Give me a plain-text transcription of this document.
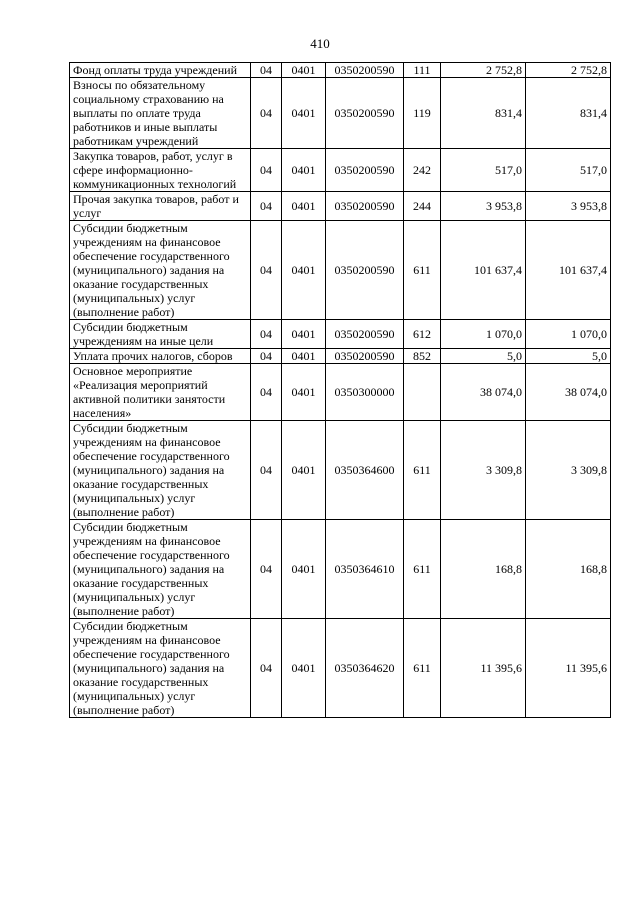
410
Фонд оплаты труда учреждений	04	0401	0350200590	111	2 752,8	2 752,8
Взносы по обязательному социальному страхованию на выплаты по оплате труда работников и иные выплаты работникам учреждений	04	0401	0350200590	119	831,4	831,4
Закупка товаров, работ, услуг в сфере информационно-коммуникационных технологий	04	0401	0350200590	242	517,0	517,0
Прочая закупка товаров, работ и услуг	04	0401	0350200590	244	3 953,8	3 953,8
Субсидии бюджетным учреждениям на финансовое обеспечение государственного (муниципального) задания на оказание государственных (муниципальных) услуг (выполнение работ)	04	0401	0350200590	611	101 637,4	101 637,4
Субсидии бюджетным учреждениям на иные цели	04	0401	0350200590	612	1 070,0	1 070,0
Уплата прочих налогов, сборов	04	0401	0350200590	852	5,0	5,0
Основное мероприятие «Реализация мероприятий активной политики занятости населения»	04	0401	0350300000		38 074,0	38 074,0
Субсидии бюджетным учреждениям на финансовое обеспечение государственного (муниципального) задания на оказание государственных (муниципальных) услуг (выполнение работ)	04	0401	0350364600	611	3 309,8	3 309,8
Субсидии бюджетным учреждениям на финансовое обеспечение государственного (муниципального) задания на оказание государственных (муниципальных) услуг (выполнение работ)	04	0401	0350364610	611	168,8	168,8
Субсидии бюджетным учреждениям на финансовое обеспечение государственного (муниципального) задания на оказание государственных (муниципальных) услуг (выполнение работ)	04	0401	0350364620	611	11 395,6	11 395,6
